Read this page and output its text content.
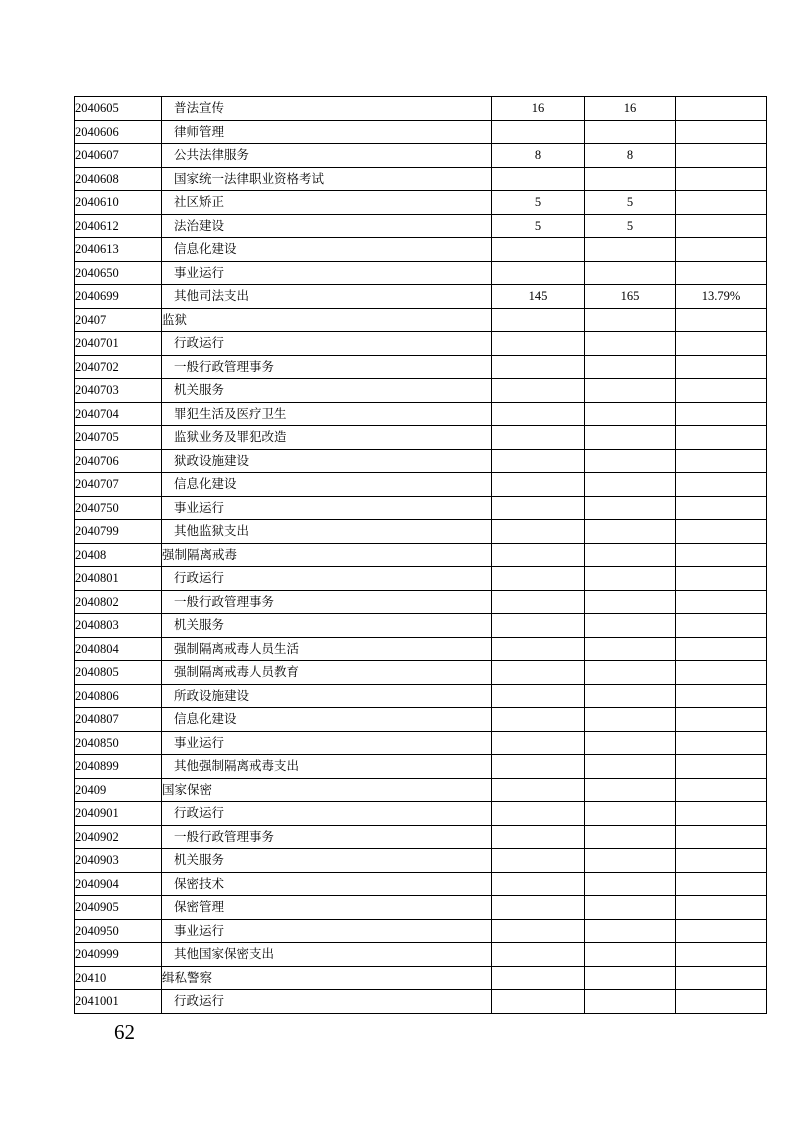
2040605	普法宣传	16	16	
2040606	律师管理			
2040607	公共法律服务	8	8	
2040608	国家统一法律职业资格考试			
2040610	社区矫正	5	5	
2040612	法治建设	5	5	
2040613	信息化建设			
2040650	事业运行			
2040699	其他司法支出	145	165	13.79%
20407	监狱			
2040701	行政运行			
2040702	一般行政管理事务			
2040703	机关服务			
2040704	罪犯生活及医疗卫生			
2040705	监狱业务及罪犯改造			
2040706	狱政设施建设			
2040707	信息化建设			
2040750	事业运行			
2040799	其他监狱支出			
20408	强制隔离戒毒			
2040801	行政运行			
2040802	一般行政管理事务			
2040803	机关服务			
2040804	强制隔离戒毒人员生活			
2040805	强制隔离戒毒人员教育			
2040806	所政设施建设			
2040807	信息化建设			
2040850	事业运行			
2040899	其他强制隔离戒毒支出			
20409	国家保密			
2040901	行政运行			
2040902	一般行政管理事务			
2040903	机关服务			
2040904	保密技术			
2040905	保密管理			
2040950	事业运行			
2040999	其他国家保密支出			
20410	缉私警察			
2041001	行政运行			
62
